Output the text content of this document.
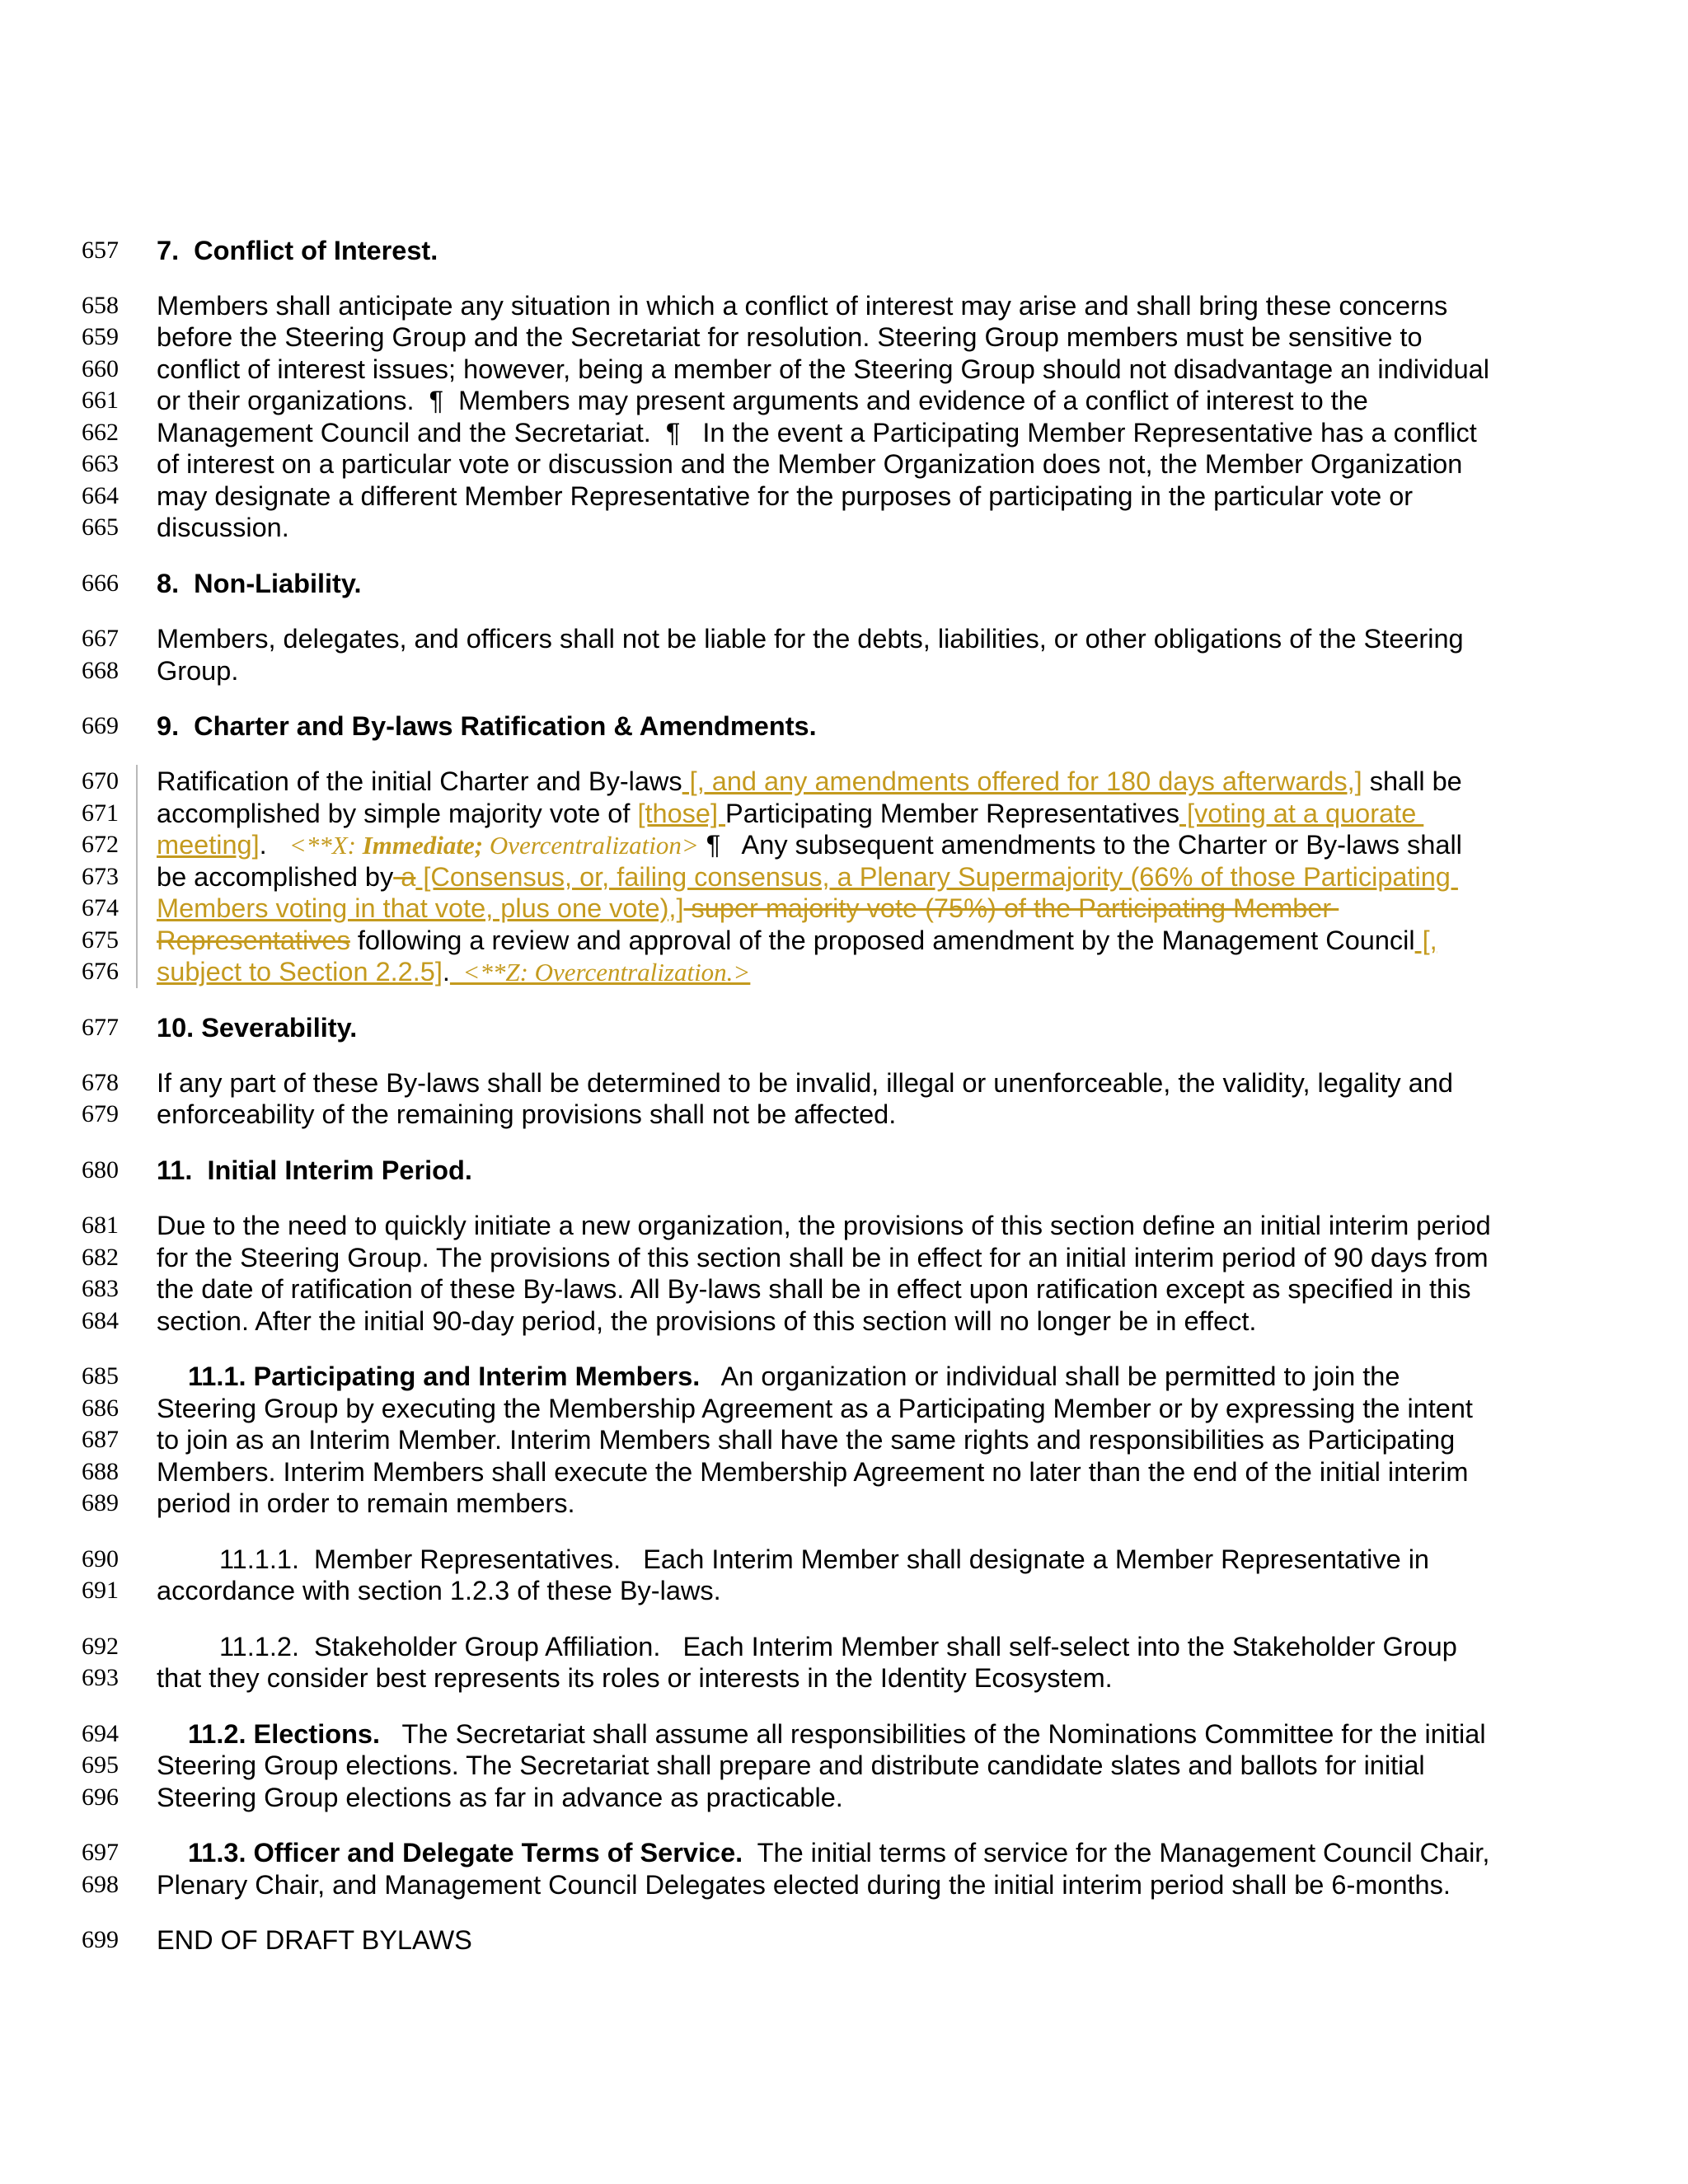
657 7.  Conflict of Interest.
658 Members shall anticipate any situation in which a conflict of interest may arise and shall bring these concerns
659 before the Steering Group and the Secretariat for resolution. Steering Group members must be sensitive to
660 conflict of interest issues; however, being a member of the Steering Group should not disadvantage an individual
661 or their organizations.  ¶  Members may present arguments and evidence of a conflict of interest to the
662 Management Council and the Secretariat.  ¶   In the event a Participating Member Representative has a conflict
663 of interest on a particular vote or discussion and the Member Organization does not, the Member Organization
664 may designate a different Member Representative for the purposes of participating in the particular vote or
665 discussion.
666 8.  Non-Liability.
667 Members, delegates, and officers shall not be liable for the debts, liabilities, or other obligations of the Steering
668 Group.
669 9.  Charter and By-laws Ratification & Amendments.
670 Ratification of the initial Charter and By-laws [, and any amendments offered for 180 days afterwards,] shall be
671 accomplished by simple majority vote of [those] Participating Member Representatives [voting at a quorate
672 meeting].   <**X: Immediate; Overcentralization> ¶   Any subsequent amendments to the Charter or By-laws shall
673 be accomplished by a [Consensus, or, failing consensus, a Plenary Supermajority (66% of those Participating
674 Members voting in that vote, plus one vote),] super majority vote (75%) of the Participating Member
675 Representatives following a review and approval of the proposed amendment by the Management Council [,
676 subject to Section 2.2.5].  <**Z: Overcentralization.>
677 10. Severability.
678 If any part of these By-laws shall be determined to be invalid, illegal or unenforceable, the validity, legality and
679 enforceability of the remaining provisions shall not be affected.
680 11.  Initial Interim Period.
681 Due to the need to quickly initiate a new organization, the provisions of this section define an initial interim period
682 for the Steering Group. The provisions of this section shall be in effect for an initial interim period of 90 days from
683 the date of ratification of these By-laws. All By-laws shall be in effect upon ratification except as specified in this
684 section. After the initial 90-day period, the provisions of this section will no longer be in effect.
685	11.1. Participating and Interim Members.   An organization or individual shall be permitted to join the
686 Steering Group by executing the Membership Agreement as a Participating Member or by expressing the intent
687 to join as an Interim Member. Interim Members shall have the same rights and responsibilities as Participating
688 Members. Interim Members shall execute the Membership Agreement no later than the end of the initial interim
689 period in order to remain members.
690	11.1.1.  Member Representatives.   Each Interim Member shall designate a Member Representative in
691 accordance with section 1.2.3 of these By-laws.
692	11.1.2.  Stakeholder Group Affiliation.   Each Interim Member shall self-select into the Stakeholder Group
693 that they consider best represents its roles or interests in the Identity Ecosystem.
694	11.2. Elections.   The Secretariat shall assume all responsibilities of the Nominations Committee for the initial
695 Steering Group elections. The Secretariat shall prepare and distribute candidate slates and ballots for initial
696 Steering Group elections as far in advance as practicable.
697	11.3. Officer and Delegate Terms of Service.  The initial terms of service for the Management Council Chair,
698 Plenary Chair, and Management Council Delegates elected during the initial interim period shall be 6-months.
699 END OF DRAFT BYLAWS
